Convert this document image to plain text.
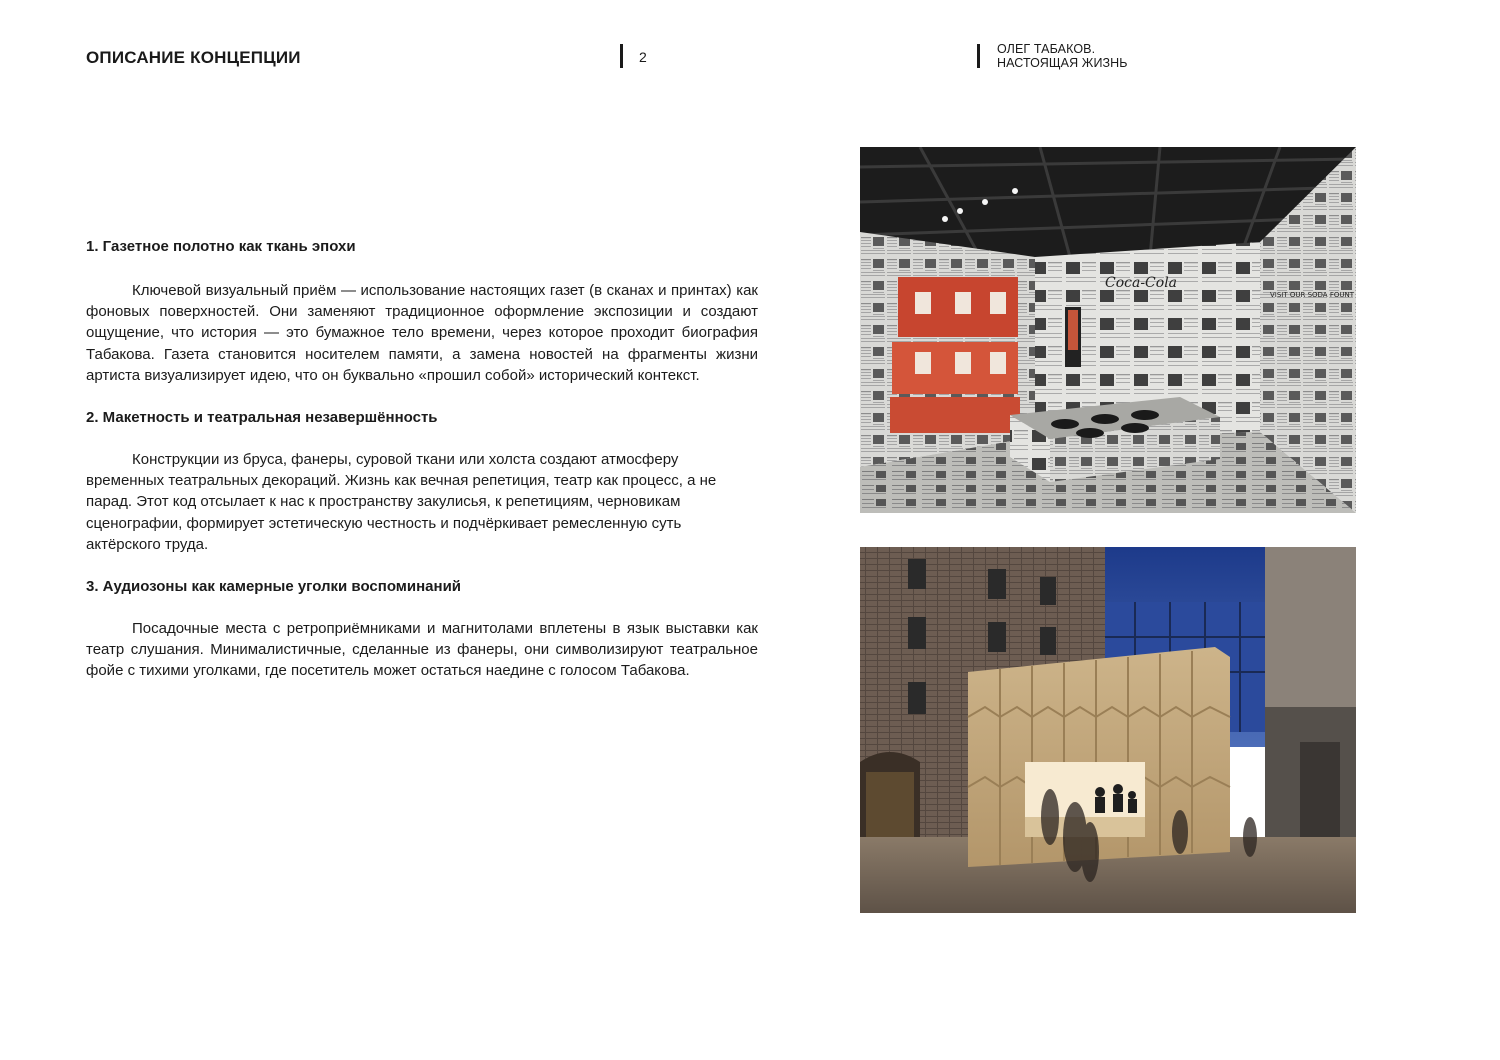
ОПИСАНИЕ КОНЦЕПЦИИ	2	ОЛЕГ ТАБАКОВ.
НАСТОЯЩАЯ ЖИЗНЬ
1. Газетное полотно как ткань эпохи

Ключевой визуальный приём — использование настоящих газет (в сканах и принтах) как фоновых поверхностей. Они заменяют традиционное оформление экспозиции и создают ощущение, что история — это бумажное тело времени, через которое проходит биография Табакова. Газета становится носителем памяти, а замена новостей на фрагменты жизни артиста визуализирует идею, что он буквально «прошил собой» исторический контекст.

2. Макетность и театральная незавершённость

Конструкции из бруса, фанеры, суровой ткани или холста создают атмосферу временных театральных декораций. Жизнь как вечная репетиция, театр как процесс, а не парад. Этот код отсылает к нас к пространству закулисья, к репетициям, черновикам сценографии, формирует эстетическую честность и подчёркивает ремесленную суть актёрского труда.

3. Аудиозоны как камерные уголки воспоминаний

Посадочные места с ретроприёмниками и магнитолами вплетены в язык выставки как театр слушания. Минималистичные, сделанные из фанеры, они символизируют театральное фойе с тихими уголками, где посетитель может остаться наедине с голосом Табакова.

Coca-Cola
VISIT OUR SODA FOUNT
